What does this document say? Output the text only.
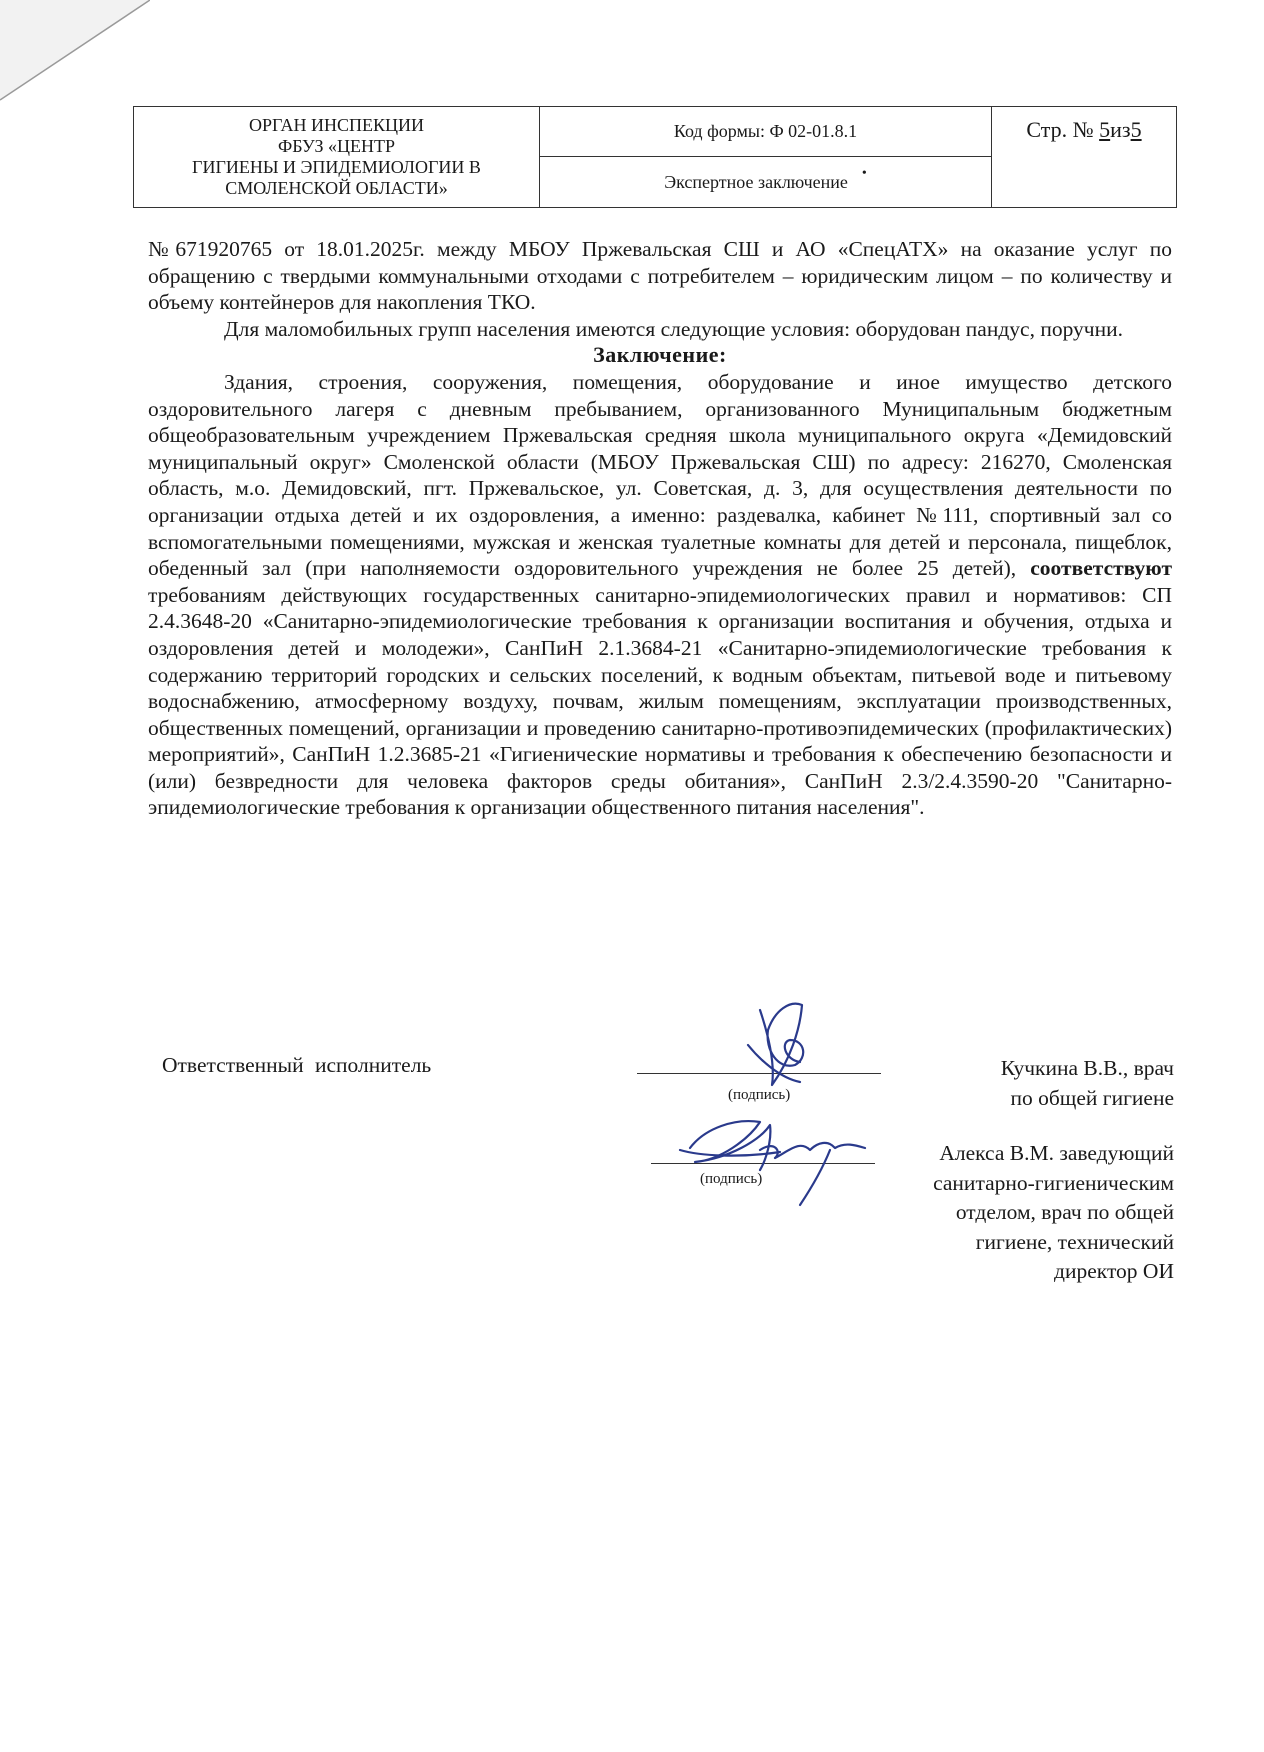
ОРГАН ИНСПЕКЦИИ
ФБУЗ «ЦЕНТР
ГИГИЕНЫ И ЭПИДЕМИОЛОГИИ В
СМОЛЕНСКОЙ ОБЛАСТИ»
Код формы: Ф 02-01.8.1
Экспертное заключение •
Стр. №
5 из 5

№671920765 от 18.01.2025г. между МБОУ Пржевальская СШ и АО «СпецАТХ» на оказание услуг по обращению с твердыми коммунальными отходами с потребителем – юридическим лицом – по количеству и объему контейнеров для накопления ТКО.

Для маломобильных групп населения имеются следующие условия: оборудован пандус, поручни.

Заключение:

Здания, строения, сооружения, помещения, оборудование и иное имущество детского оздоровительного лагеря с дневным пребыванием, организованного Муниципальным бюджетным общеобразовательным учреждением Пржевальская средняя школа муниципального округа «Демидовский муниципальный округ» Смоленской области (МБОУ Пржевальская СШ) по адресу: 216270, Смоленская область, м.о. Демидовский, пгт. Пржевальское, ул. Советская, д. 3, для осуществления деятельности по организации отдыха детей и их оздоровления, а именно: раздевалка, кабинет №111, спортивный зал со вспомогательными помещениями, мужская и женская туалетные комнаты для детей и персонала, пищеблок, обеденный зал (при наполняемости оздоровительного учреждения не более 25 детей), соответствуют требованиям действующих государственных санитарно-эпидемиологических правил и нормативов: СП 2.4.3648-20 «Санитарно-эпидемиологические требования к организации воспитания и обучения, отдыха и оздоровления детей и молодежи», СанПиН 2.1.3684-21 «Санитарно-эпидемиологические требования к содержанию территорий городских и сельских поселений, к водным объектам, питьевой воде и питьевому водоснабжению, атмосферному воздуху, почвам, жилым помещениям, эксплуатации производственных, общественных помещений, организации и проведению санитарно-противоэпидемических (профилактических) мероприятий», СанПиН 1.2.3685-21 «Гигиенические нормативы и требования к обеспечению безопасности и (или) безвредности для человека факторов среды обитания», СанПиН 2.3/2.4.3590-20 "Санитарно-эпидемиологические требования к организации общественного питания населения".

Ответственный исполнитель
(подпись)
(подпись)
Кучкина В.В., врач
по общей гигиене
Алекса В.М. заведующий
санитарно-гигиеническим
отделом, врач по общей
гигиене, технический
директор ОИ
